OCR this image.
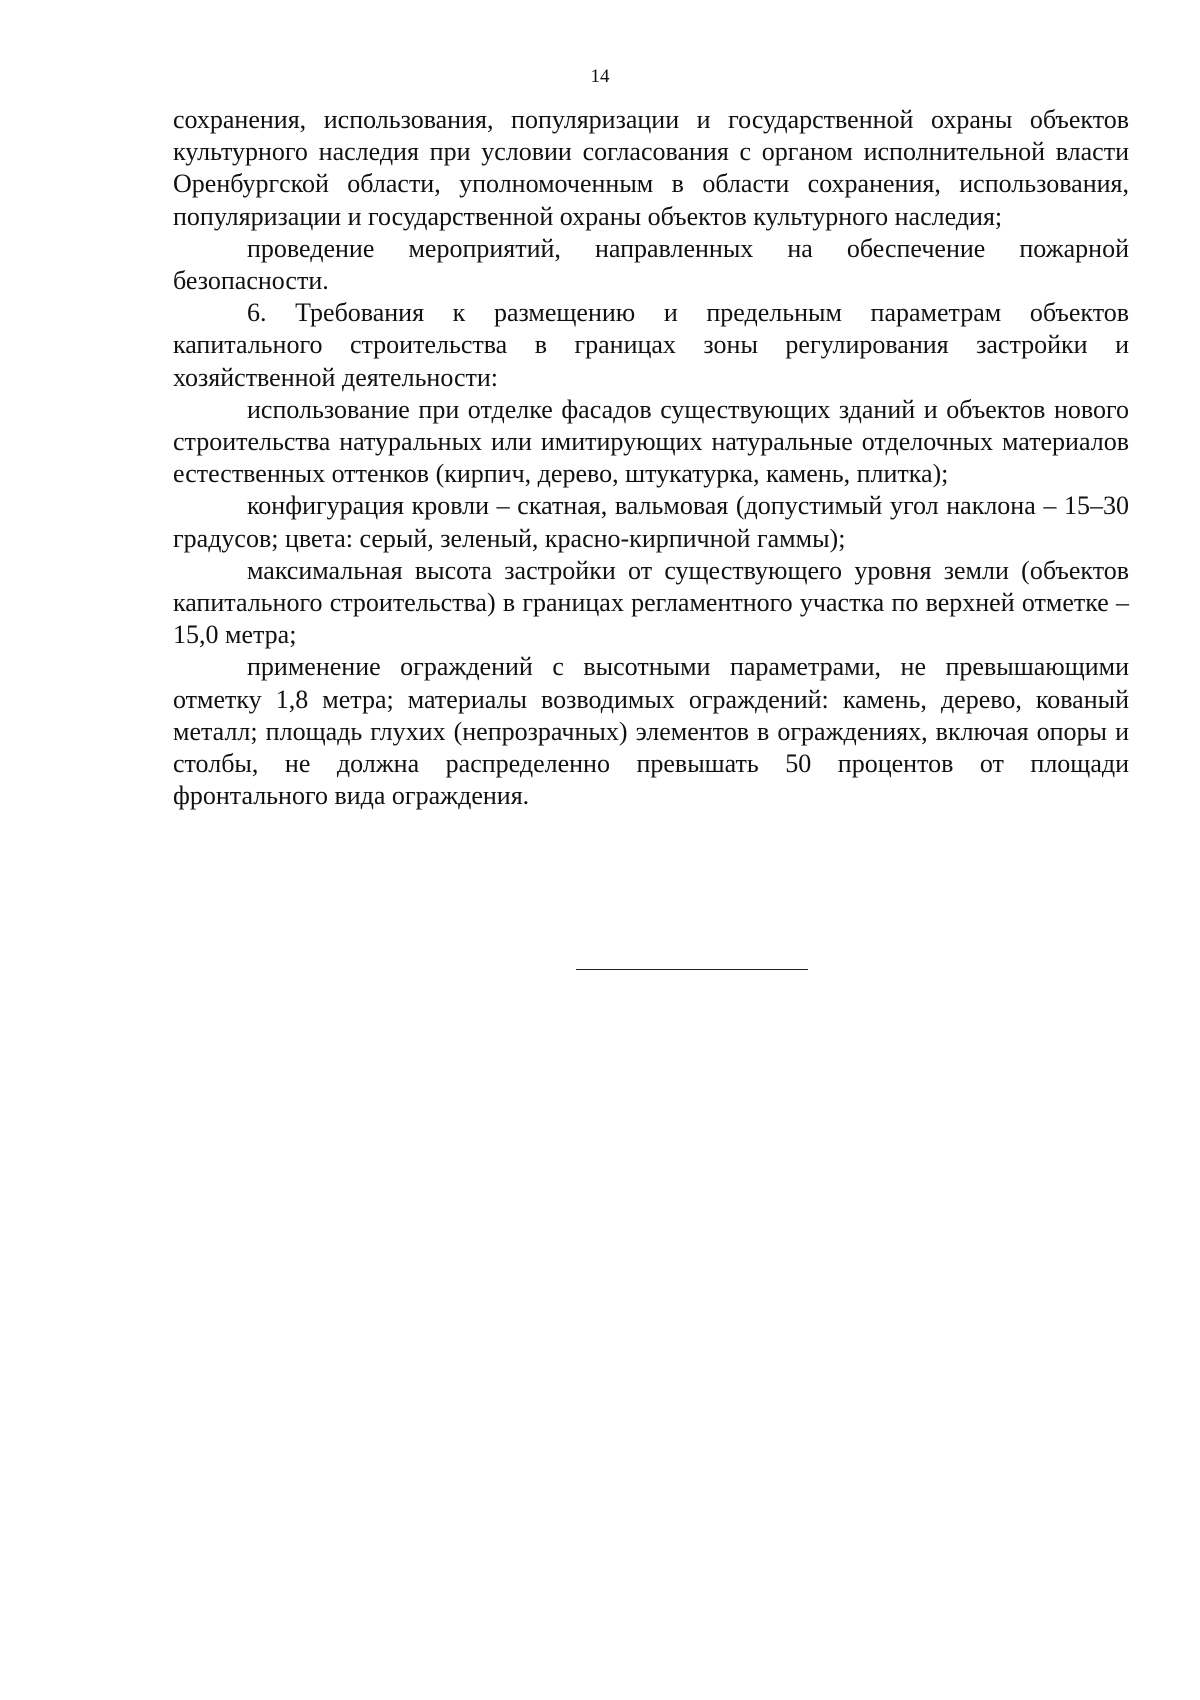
14

сохранения, использования, популяризации и государственной охраны объектов культурного наследия при условии согласования с органом исполнительной власти Оренбургской области, уполномоченным в области сохранения, использования, популяризации и государственной охраны объектов культурного наследия;

проведение мероприятий, направленных на обеспечение пожарной безопасности.

6. Требования к размещению и предельным параметрам объектов капитального строительства в границах зоны регулирования застройки и хозяйственной деятельности:

использование при отделке фасадов существующих зданий и объектов нового строительства натуральных или имитирующих натуральные отделочных материалов естественных оттенков (кирпич, дерево, штукатурка, камень, плитка);

конфигурация кровли – скатная, вальмовая (допустимый угол наклона – 15–30 градусов; цвета: серый, зеленый, красно-кирпичной гаммы);

максимальная высота застройки от существующего уровня земли (объектов капитального строительства) в границах регламентного участка по верхней отметке – 15,0 метра;

применение ограждений с высотными параметрами, не превышающими отметку 1,8 метра; материалы возводимых ограждений: камень, дерево, кованый металл; площадь глухих (непрозрачных) элементов в ограждениях, включая опоры и столбы, не должна распределенно превышать 50 процентов от площади фронтального вида ограждения.
